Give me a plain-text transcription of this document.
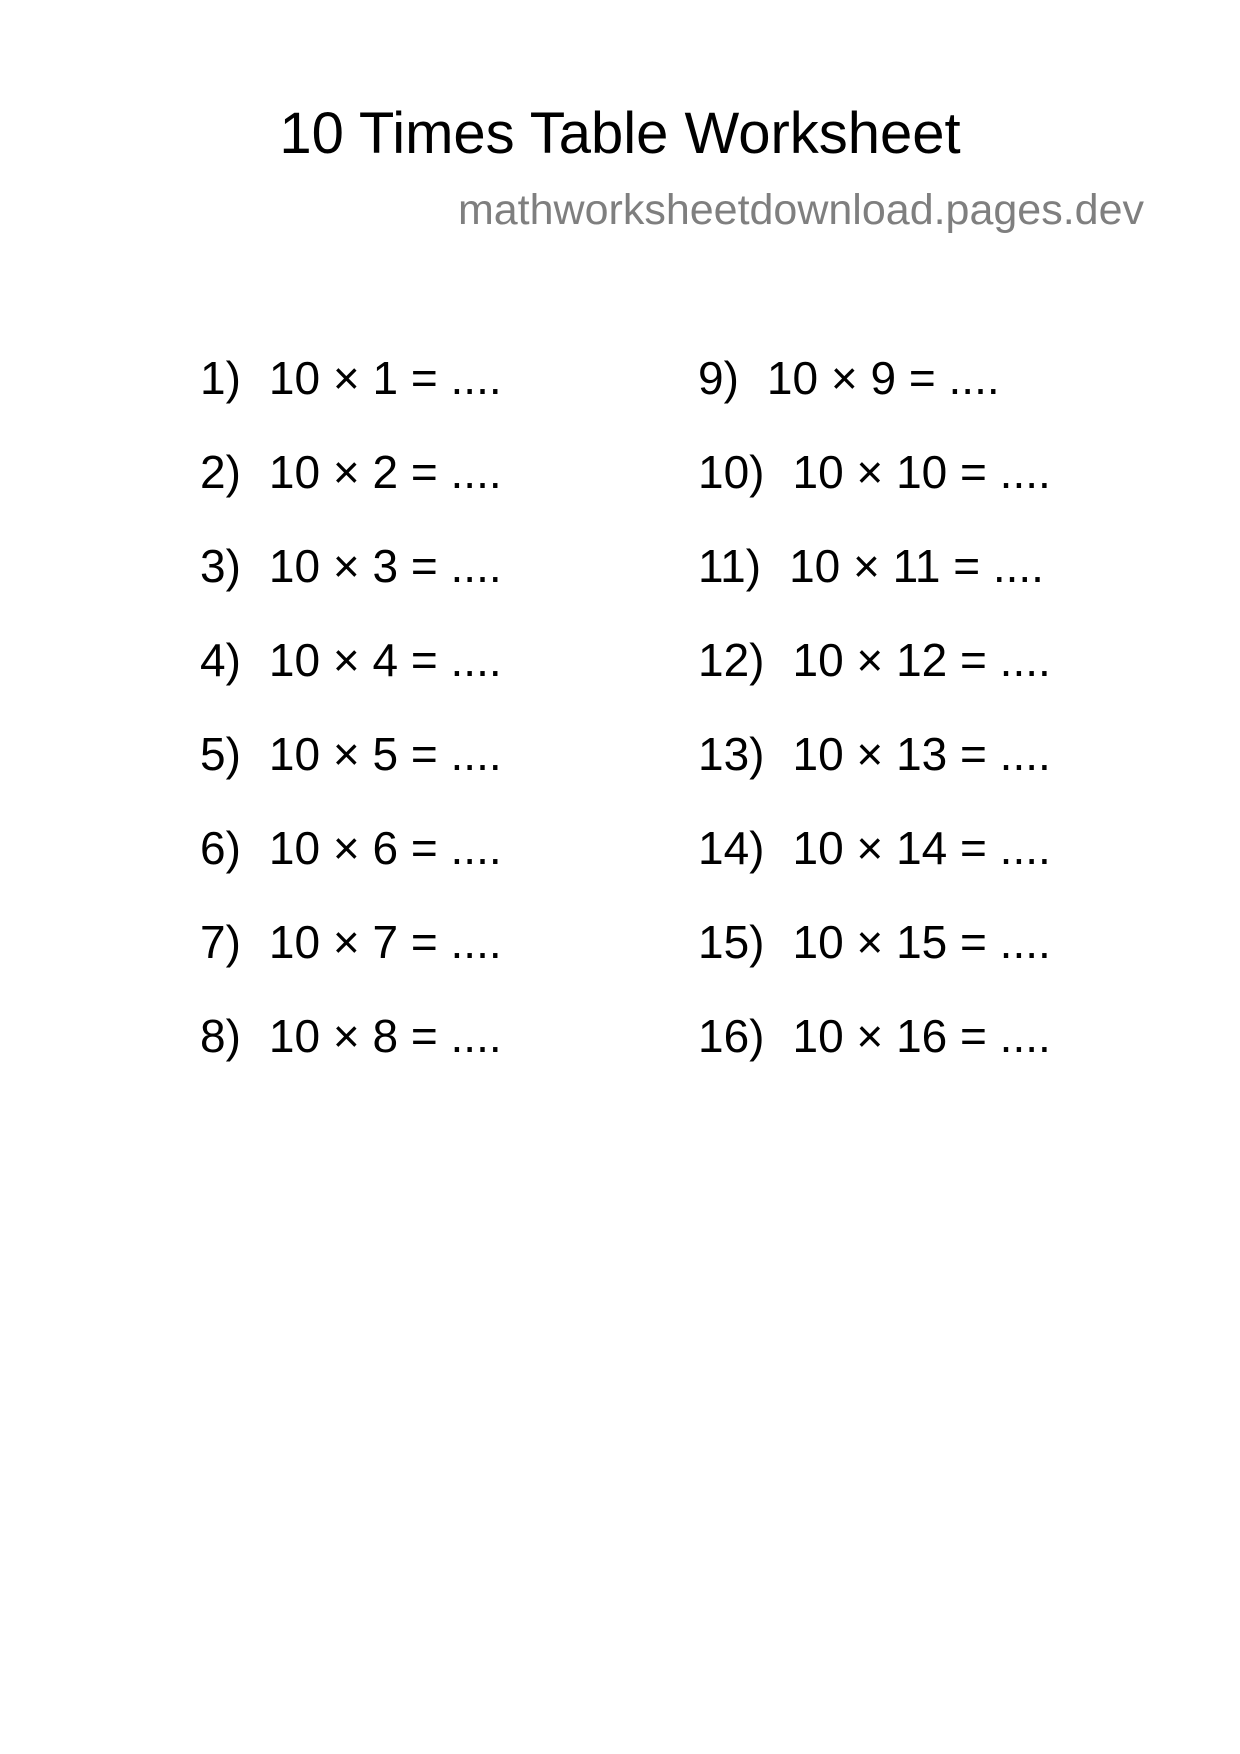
10 Times Table Worksheet
mathworksheetdownload.pages.dev
1) 10 × 1 = ....
2) 10 × 2 = ....
3) 10 × 3 = ....
4) 10 × 4 = ....
5) 10 × 5 = ....
6) 10 × 6 = ....
7) 10 × 7 = ....
8) 10 × 8 = ....
9) 10 × 9 = ....
10) 10 × 10 = ....
11) 10 × 11 = ....
12) 10 × 12 = ....
13) 10 × 13 = ....
14) 10 × 14 = ....
15) 10 × 15 = ....
16) 10 × 16 = ....
